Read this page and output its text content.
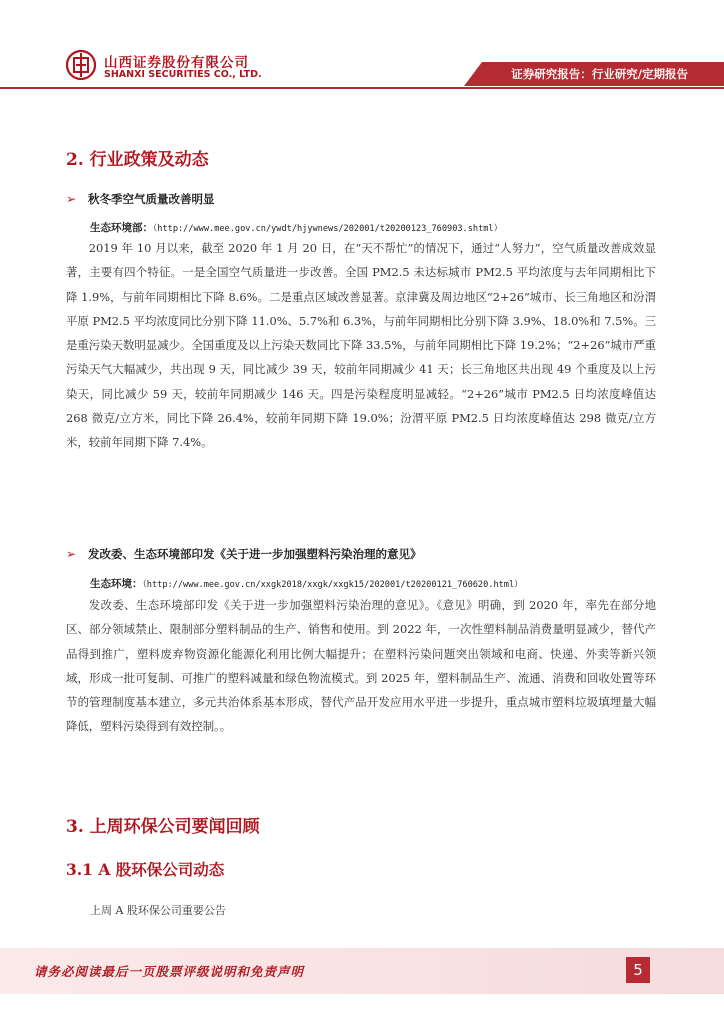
山西证券股份有限公司
SHANXI SECURITIES CO., LTD.	证券研究报告：行业研究/定期报告
2. 行业政策及动态
➢ 秋冬季空气质量改善明显
生态环境部：（http://www.mee.gov.cn/ywdt/hjywnews/202001/t20200123_760903.shtml）

2019 年 10 月以来，截至 2020 年 1 月 20 日，在“天不帮忙”的情况下，通过“人努力”，空气质量改善成效显著，主要有四个特征。一是全国空气质量进一步改善。全国 PM2.5 未达标城市 PM2.5 平均浓度与去年同期相比下降 1.9%，与前年同期相比下降 8.6%。二是重点区域改善显著。京津冀及周边地区“2+26”城市、长三角地区和汾渭平原 PM2.5 平均浓度同比分别下降 11.0%、5.7%和 6.3%，与前年同期相比分别下降 3.9%、18.0%和 7.5%。三是重污染天数明显减少。全国重度及以上污染天数同比下降 33.5%，与前年同期相比下降 19.2%；“2+26”城市严重污染天气大幅减少，共出现 9 天，同比减少 39 天，较前年同期减少 41 天；长三角地区共出现 49 个重度及以上污染天，同比减少 59 天，较前年同期减少 146 天。四是污染程度明显减轻。“2+26”城市 PM2.5 日均浓度峰值达 268 微克/立方米，同比下降 26.4%，较前年同期下降 19.0%；汾渭平原 PM2.5 日均浓度峰值达 298 微克/立方米，较前年同期下降 7.4%。

➢ 发改委、生态环境部印发《关于进一步加强塑料污染治理的意见》
生态环境：（http://www.mee.gov.cn/xxgk2018/xxgk/xxgk15/202001/t20200121_760620.html）

发改委、生态环境部印发《关于进一步加强塑料污染治理的意见》。《意见》明确，到 2020 年，率先在部分地区、部分领域禁止、限制部分塑料制品的生产、销售和使用。到 2022 年，一次性塑料制品消费量明显减少，替代产品得到推广，塑料废弃物资源化能源化利用比例大幅提升；在塑料污染问题突出领域和电商、快递、外卖等新兴领域，形成一批可复制、可推广的塑料减量和绿色物流模式。到 2025 年，塑料制品生产、流通、消费和回收处置等环节的管理制度基本建立，多元共治体系基本形成，替代产品开发应用水平进一步提升，重点城市塑料垃圾填埋量大幅降低，塑料污染得到有效控制。。

3. 上周环保公司要闻回顾
3.1 A 股环保公司动态
上周 A 股环保公司重要公告
请务必阅读最后一页股票评级说明和免责声明	5
